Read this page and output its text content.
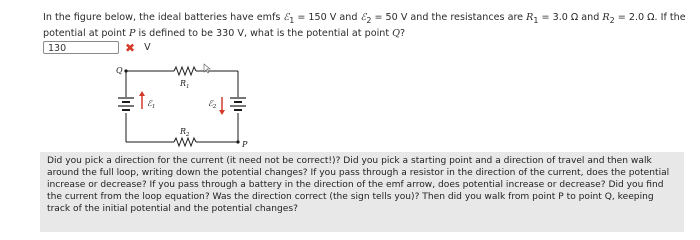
In the figure below, the ideal batteries have emfs ℰ$_1$ = 150 V and ℰ$_2$ = 50 V and the resistances are $R_1 = 3.0$ Ω and $R_2 = 2.0$ Ω. If the potential at point P is defined to be 330 V, what is the potential at point Q?
130	✖ V
Q
P
$R_1$
$R_2$
ℰ$_1$	ℰ$_2$
Did you pick a direction for the current (it need not be correct!)? Did you pick a starting point and a direction of travel and then walk around the full loop, writing down the potential changes? If you pass through a resistor in the direction of the current, does the potential increase or decrease? If you pass through a battery in the direction of the emf arrow, does potential increase or decrease? Did you find the current from the loop equation? Was the direction correct (the sign tells you)? Then did you walk from point P to point Q, keeping track of the initial potential and the potential changes?
